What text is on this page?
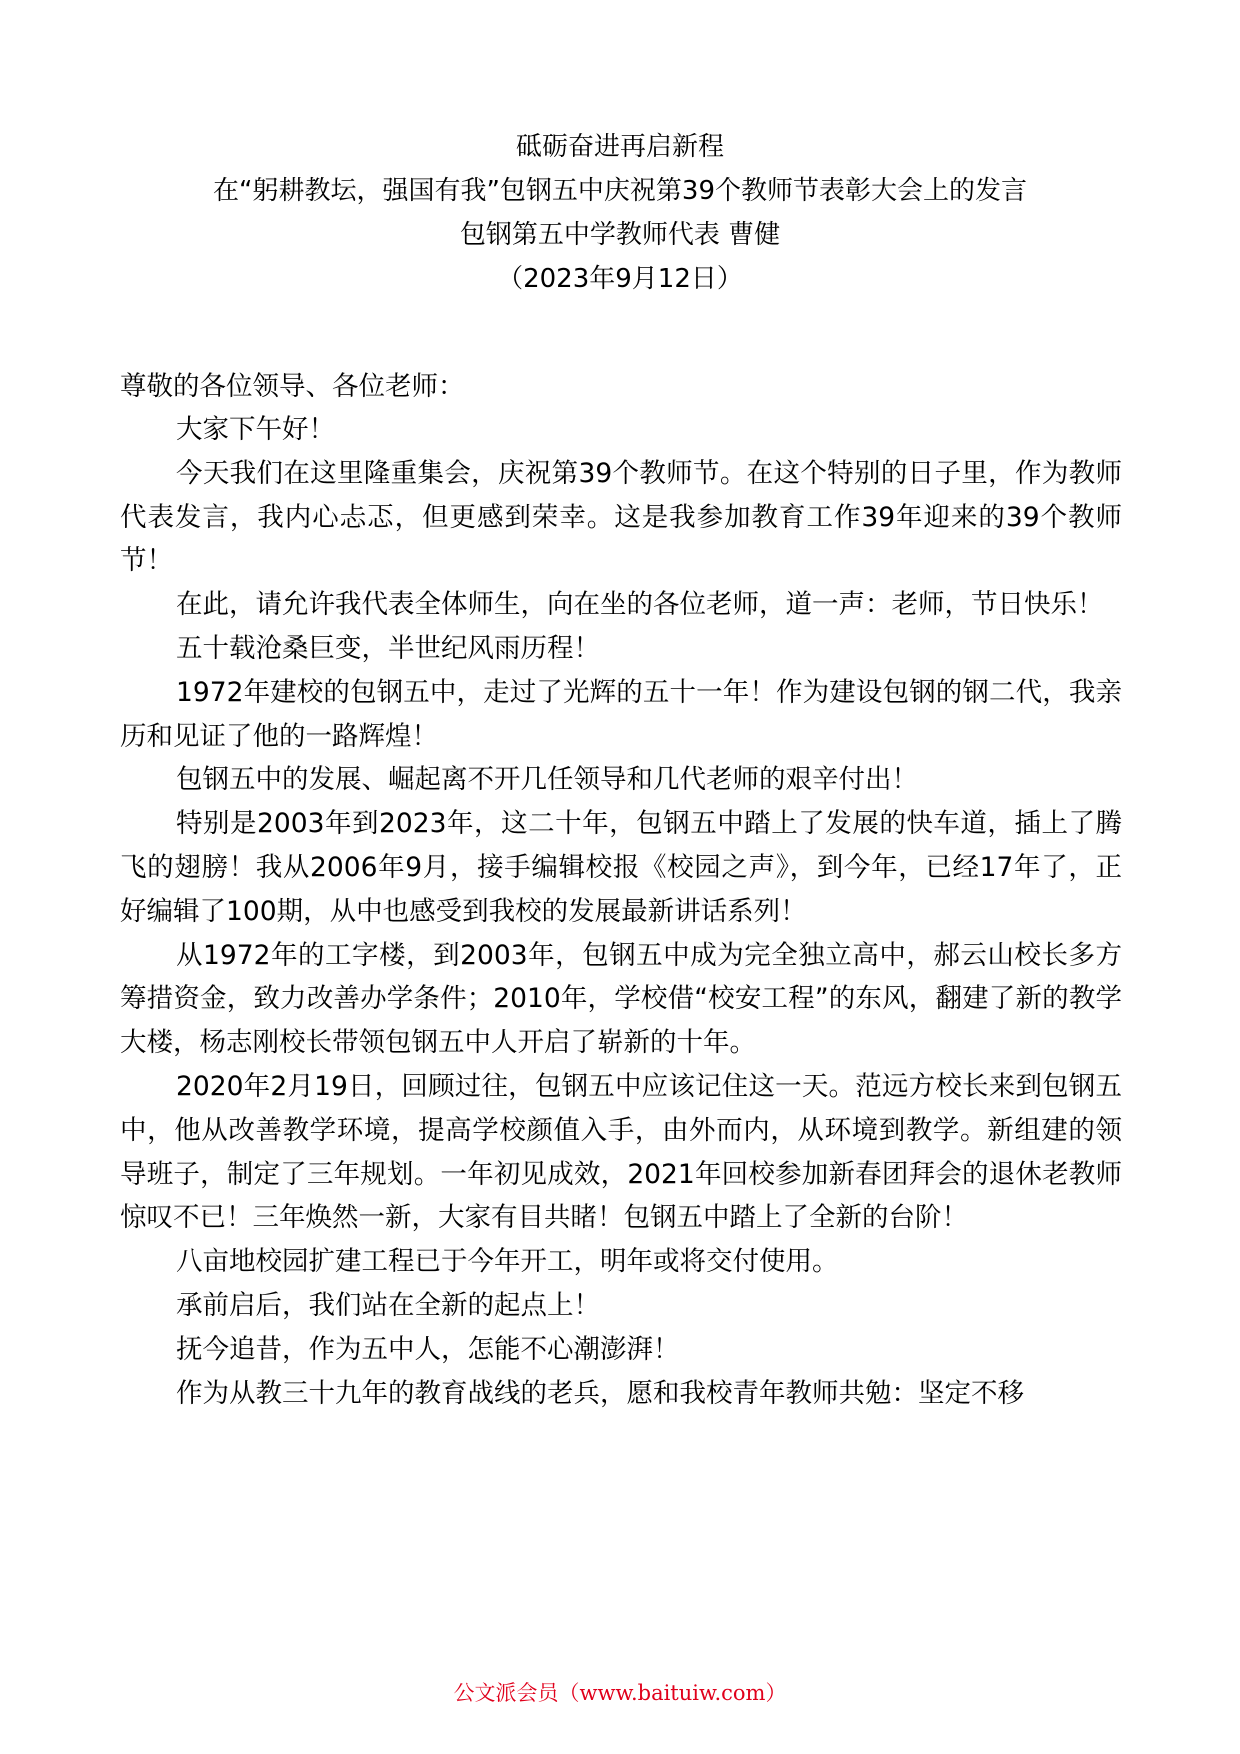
砥砺奋进再启新程
在“躬耕教坛，强国有我”包钢五中庆祝第39个教师节表彰大会上的发言
包钢第五中学教师代表 曹健
（2023年9月12日）
尊敬的各位领导、各位老师：

大家下午好！

今天我们在这里隆重集会，庆祝第39个教师节。在这个特别的日子里，作为教师代表发言，我内心忐忑，但更感到荣幸。这是我参加教育工作39年迎来的39个教师节！

在此，请允许我代表全体师生，向在坐的各位老师，道一声：老师，节日快乐！

五十载沧桑巨变，半世纪风雨历程！

1972年建校的包钢五中，走过了光辉的五十一年！作为建设包钢的钢二代，我亲历和见证了他的一路辉煌！

包钢五中的发展、崛起离不开几任领导和几代老师的艰辛付出！

特别是2003年到2023年，这二十年，包钢五中踏上了发展的快车道，插上了腾飞的翅膀！我从2006年9月，接手编辑校报《校园之声》，到今年，已经17年了，正好编辑了100期，从中也感受到我校的发展最新讲话系列！

从1972年的工字楼，到2003年，包钢五中成为完全独立高中，郝云山校长多方筹措资金，致力改善办学条件；2010年，学校借“校安工程”的东风，翻建了新的教学大楼，杨志刚校长带领包钢五中人开启了崭新的十年。

2020年2月19日，回顾过往，包钢五中应该记住这一天。范远方校长来到包钢五中，他从改善教学环境，提高学校颜值入手，由外而内，从环境到教学。新组建的领导班子，制定了三年规划。一年初见成效，2021年回校参加新春团拜会的退休老教师惊叹不已！三年焕然一新，大家有目共睹！包钢五中踏上了全新的台阶！

八亩地校园扩建工程已于今年开工，明年或将交付使用。

承前启后，我们站在全新的起点上！

抚今追昔，作为五中人，怎能不心潮澎湃！

作为从教三十九年的教育战线的老兵，愿和我校青年教师共勉：坚定不移

公文派会员（www.baituiw.com）
